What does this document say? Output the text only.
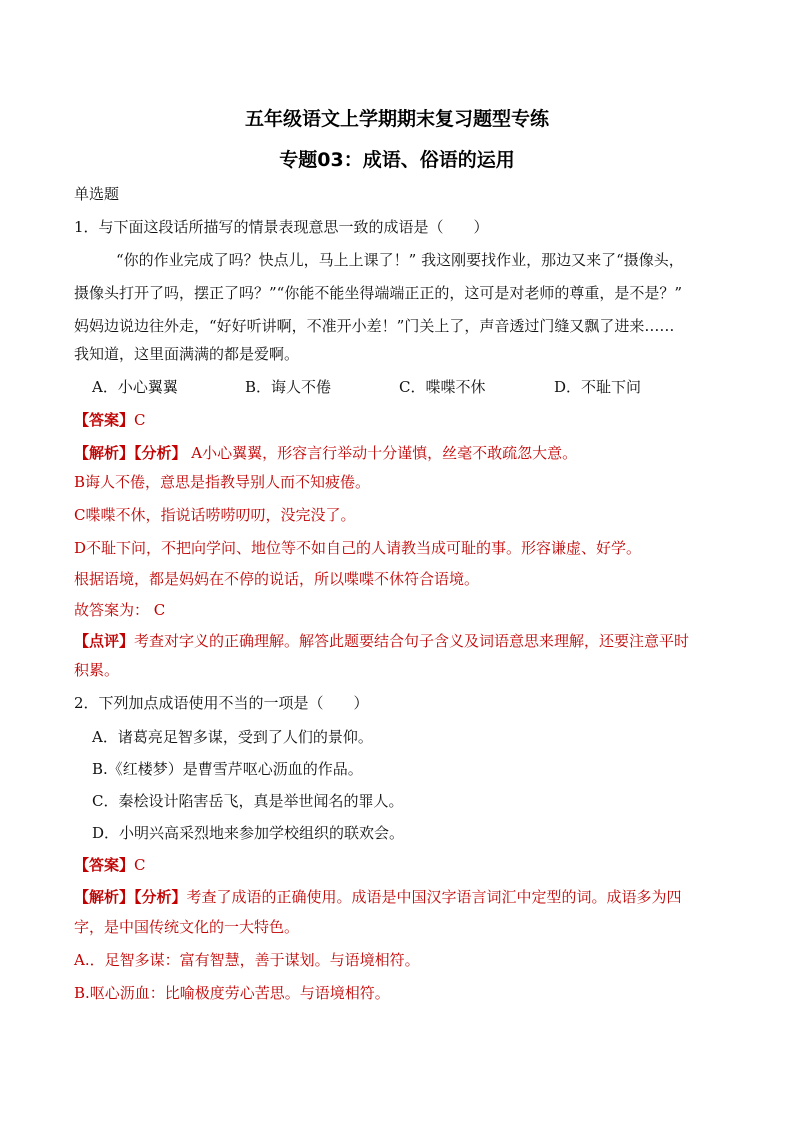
五年级语文上学期期末复习题型专练
专题03：成语、俗语的运用
单选题
1．与下面这段话所描写的情景表现意思一致的成语是（　　）
“你的作业完成了吗？快点儿，马上上课了！” 我这刚要找作业，那边又来了“摄像头，
摄像头打开了吗，摆正了吗？”“你能不能坐得端端正正的，这可是对老师的尊重，是不是？”
妈妈边说边往外走，“好好听讲啊，不准开小差！”门关上了，声音透过门缝又飘了进来……
我知道，这里面满满的都是爱啊。
A．小心翼翼	B．诲人不倦	C．喋喋不休	D．不耻下问
【答案】C
【解析】【分析】 A小心翼翼，形容言行举动十分谨慎，丝毫不敢疏忽大意。
B诲人不倦，意思是指教导别人而不知疲倦。
C喋喋不休，指说话唠唠叨叨，没完没了。
D不耻下问，不把向学问、地位等不如自己的人请教当成可耻的事。形容谦虚、好学。
根据语境，都是妈妈在不停的说话，所以喋喋不休符合语境。
故答案为： C
【点评】考查对字义的正确理解。解答此题要结合句子含义及词语意思来理解，还要注意平时
积累。
2．下列加点成语使用不当的一项是（　　）
A．诸葛亮足智多谋，受到了人们的景仰。
B.《红楼梦）是曹雪芹呕心沥血的作品。
C．秦桧设计陷害岳飞，真是举世闻名的罪人。
D．小明兴高采烈地来参加学校组织的联欢会。
【答案】C
【解析】【分析】考查了成语的正确使用。成语是中国汉字语言词汇中定型的词。成语多为四
字，是中国传统文化的一大特色。
A.．足智多谋：富有智慧，善于谋划。与语境相符。
B.呕心沥血：比喻极度劳心苦思。与语境相符。
